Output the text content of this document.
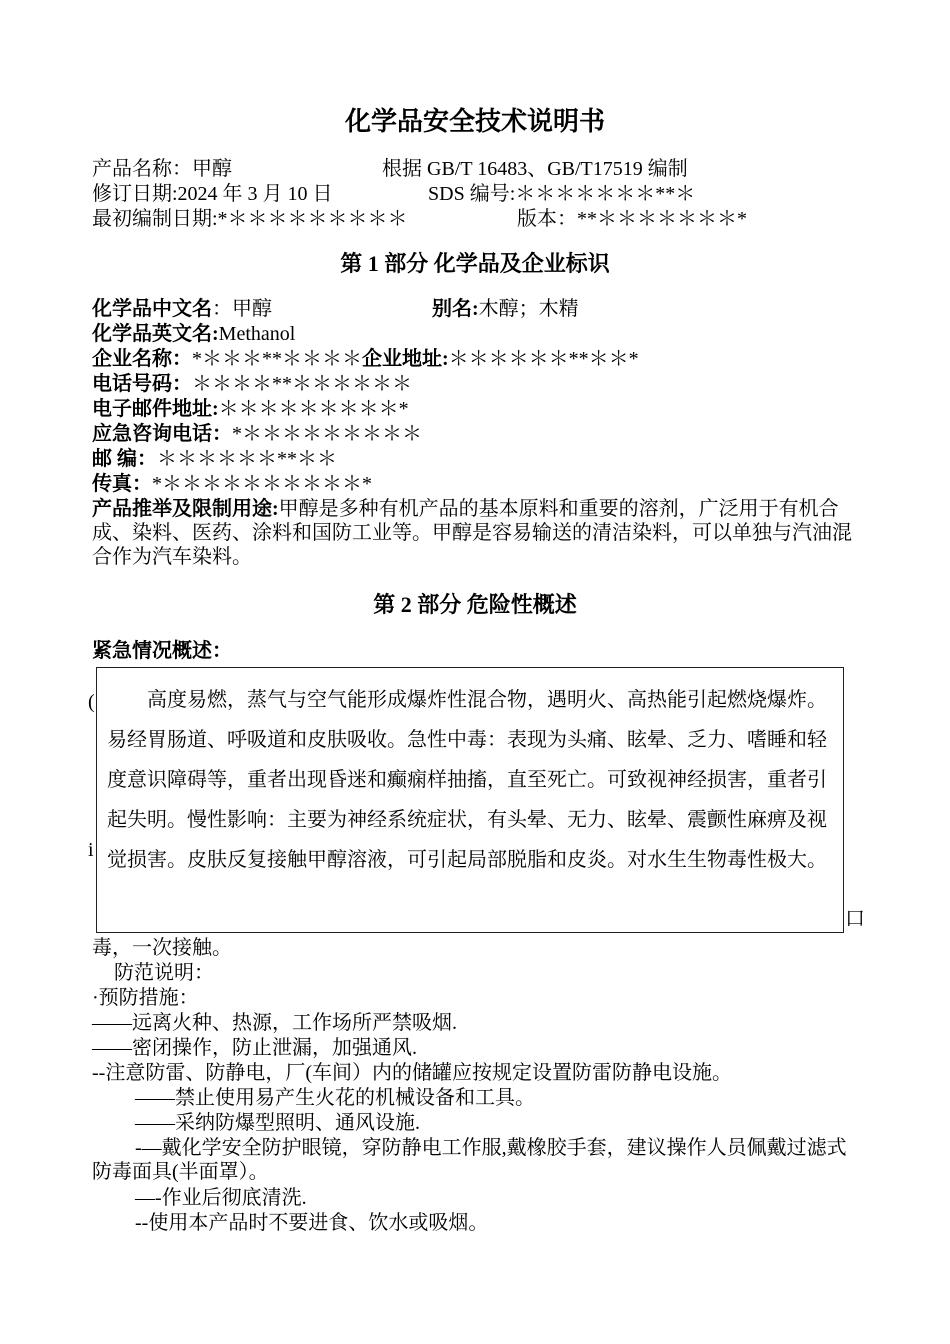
化学品安全技术说明书
产品名称：甲醇	根据 GB/T 16483、GB/T17519 编制
修订日期:2024 年 3 月 10 日	SDS 编号:＊＊＊＊＊＊＊**＊
最初编制日期:*＊＊＊＊＊＊＊＊＊	版本：**＊＊＊＊＊＊＊*
第 1 部分 化学品及企业标识
化学品中文名：甲醇	别名:木醇；木精
化学品英文名:Methanol
企业名称：*＊＊＊**＊＊＊＊企业地址:＊＊＊＊＊＊**＊＊*
电话号码：＊＊＊＊**＊＊＊＊＊＊
电子邮件地址:＊＊＊＊＊＊＊＊＊*
应急咨询电话：*＊＊＊＊＊＊＊＊＊
邮 编：＊＊＊＊＊＊**＊＊
传真：*＊＊＊＊＊＊＊＊＊＊*
产品推举及限制用途:甲醇是多种有机产品的基本原料和重要的溶剂，广泛用于有机合成、染料、医药、涂料和国防工业等。甲醇是容易输送的清洁染料，可以单独与汽油混合作为汽车染料。
第 2 部分 危险性概述
紧急情况概述：
(
i
口
高度易燃，蒸气与空气能形成爆炸性混合物，遇明火、高热能引起燃烧爆炸。易经胃肠道、呼吸道和皮肤吸收。急性中毒：表现为头痛、眩晕、乏力、嗜睡和轻度意识障碍等，重者出现昏迷和癫痫样抽搐，直至死亡。可致视神经损害，重者引起失明。慢性影响：主要为神经系统症状，有头晕、无力、眩晕、震颤性麻痹及视觉损害。皮肤反复接触甲醇溶液，可引起局部脱脂和皮炎。对水生生物毒性极大。
毒，一次接触。
防范说明：
·预防措施：
——远离火种、热源，工作场所严禁吸烟.
——密闭操作，防止泄漏，加强通风.
--注意防雷、防静电，厂(车间）内的储罐应按规定设置防雷防静电设施。
——禁止使用易产生火花的机械设备和工具。
——采纳防爆型照明、通风设施.
-—戴化学安全防护眼镜，穿防静电工作服,戴橡胶手套，建议操作人员佩戴过滤式防毒面具(半面罩）。
—-作业后彻底清洗.
--使用本产品时不要进食、饮水或吸烟。
